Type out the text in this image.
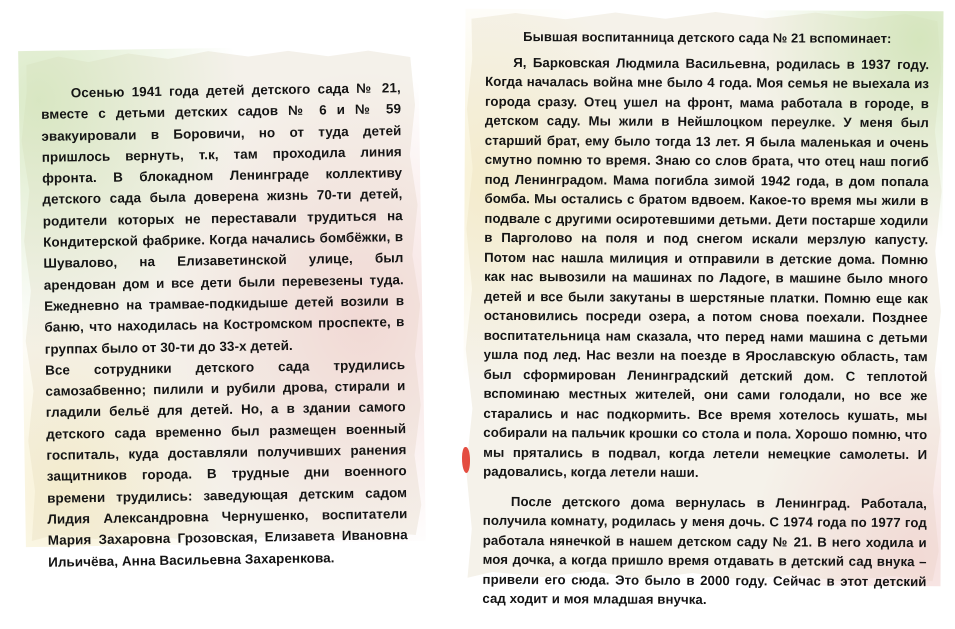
Осенью 1941 года детей детского сада № 21, вместе с детьми детских садов № 6 и № 59 эвакуировали в Боровичи, но от туда детей пришлось вернуть, т.к, там проходила линия фронта. В блокадном Ленинграде коллективу детского сада была доверена жизнь 70-ти детей, родители которых не переставали трудиться на Кондитерской фабрике. Когда начались бомбёжки, в Шувалово, на Елизаветинской улице, был арендован дом и все дети были перевезены туда. Ежедневно на трамвае-подкидыше детей возили в баню, что находилась на Костромском проспекте, в группах было от 30-ти до 33-х детей.

Все сотрудники детского сада трудились самозабвенно; пилили и рубили дрова, стирали и гладили бельё для детей. Но, а в здании самого детского сада временно был размещен военный госпиталь, куда доставляли получивших ранения защитников города. В трудные дни военного времени трудились: заведующая детским садом Лидия Александровна Чернушенко, воспитатели Мария Захаровна Грозовская, Елизавета Ивановна Ильичёва, Анна Васильевна Захаренкова.

Бывшая воспитанница детского сада № 21 вспоминает:

Я, Барковская Людмила Васильевна, родилась в 1937 году. Когда началась война мне было 4 года. Моя семья не выехала из города сразу. Отец ушел на фронт, мама работала в городе, в детском саду. Мы жили в Нейшлоцком переулке. У меня был старший брат, ему было тогда 13 лет. Я была маленькая и очень смутно помню то время. Знаю со слов брата, что отец наш погиб под Ленинградом. Мама погибла зимой 1942 года, в дом попала бомба. Мы остались с братом вдвоем. Какое-то время мы жили в подвале с другими осиротевшими детьми. Дети постарше ходили в Парголово на поля и под снегом искали мерзлую капусту. Потом нас нашла милиция и отправили в детские дома. Помню как нас вывозили на машинах по Ладоге, в машине было много детей и все были закутаны в шерстяные платки. Помню еще как остановились посреди озера, а потом снова поехали. Позднее воспитательница нам сказала, что перед нами машина с детьми ушла под лед. Нас везли на поезде в Ярославскую область, там был сформирован Ленинградский детский дом. С теплотой вспоминаю местных жителей, они сами голодали, но все же старались и нас подкормить. Все время хотелось кушать, мы собирали на пальчик крошки со стола и пола. Хорошо помню, что мы прятались в подвал, когда летели немецкие самолеты. И радовались, когда летели наши.

После детского дома вернулась в Ленинград. Работала, получила комнату, родилась у меня дочь. С 1974 года по 1977 год работала нянечкой в нашем детском саду № 21. В него ходила и моя дочка, а когда пришло время отдавать в детский сад внука – привели его сюда. Это было в 2000 году. Сейчас в этот детский сад ходит и моя младшая внучка.
